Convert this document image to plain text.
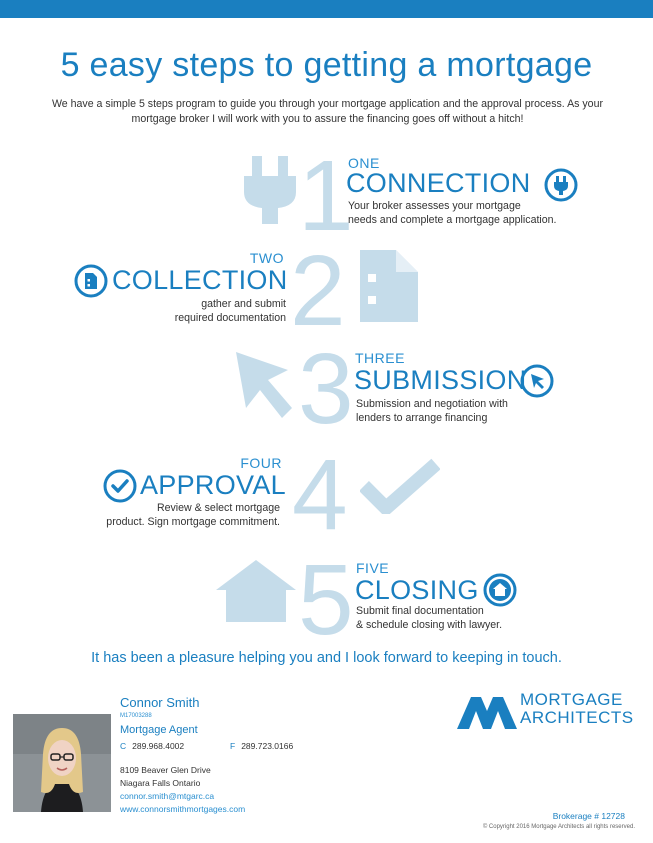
5 easy steps to getting a mortgage
We have a simple 5 steps program to guide you through your mortgage application and the approval process. As your mortgage broker I will work with you to assure the financing goes off without a hitch!
1
ONE
CONNECTION
Your broker assesses your mortgage
needs and complete a mortgage application.
TWO
COLLECTION
gather and submit
required documentation 2
3 THREE
SUBMISSION
Submission and negotiation with
lenders to arrange financing
FOUR
APPROVAL
Review & select mortgage
product. Sign mortgage commitment. 4
5 FIVE
CLOSING
Submit final documentation
& schedule closing with lawyer.
It has been a pleasure helping you and I look forward to keeping in touch.
Connor Smith
M17003288
Mortgage Agent
C 289.968.4002	F 289.723.0166
8109 Beaver Glen Drive
Niagara Falls Ontario
connor.smith@mtgarc.ca
www.connorsmithmortgages.com
MORTGAGE
ARCHITECTS
Brokerage # 12728
© Copyright 2016 Mortgage Architects all rights reserved.
